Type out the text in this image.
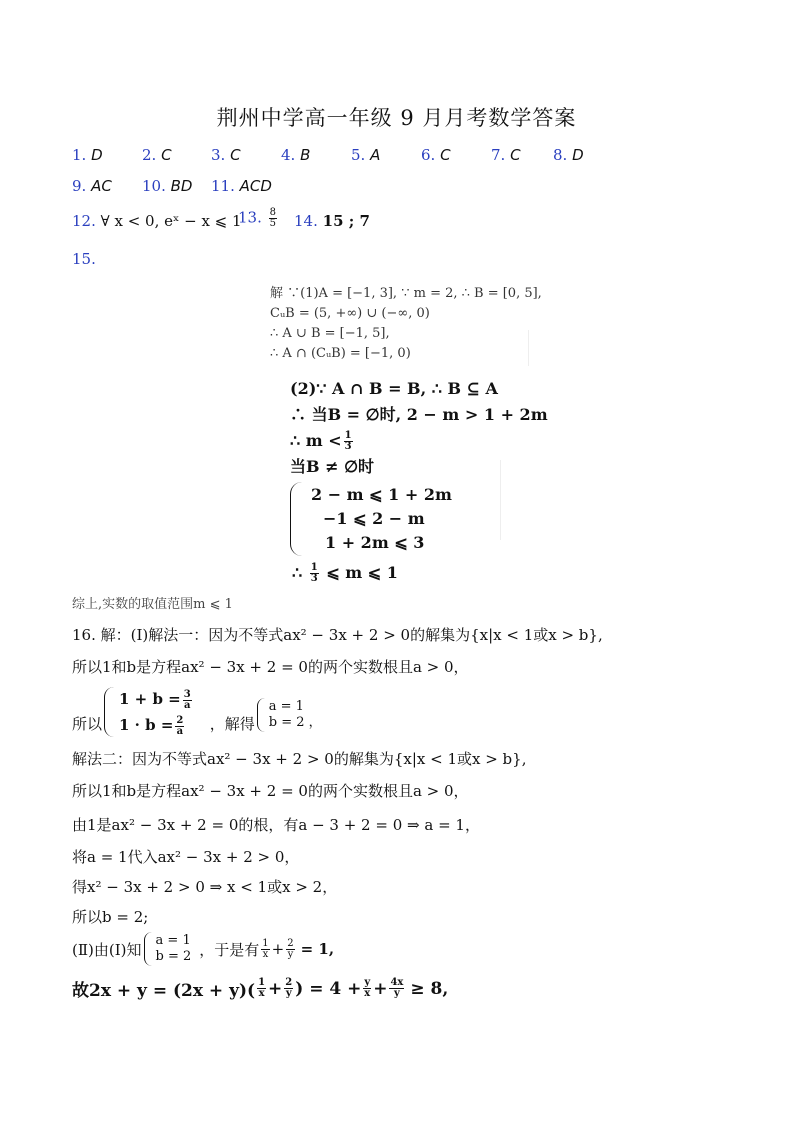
荆州中学高一年级 9 月月考数学答案
1. D	2. C	3. C	4. B	5. A	6. C	7. C 8. D
9. AC 10. BD 11. ACD
12. ∀ x < 0, eˣ − x ⩽ 1
13. $\frac{8}{5} 14$. 15 ; 7
15.
解 ∵(1)A = [−1, 3], ∵ m = 2, ∴ B = [0, 5],
CᵤB = (5, +∞) ∪ (−∞, 0)
∴ A ∪ B = [−1, 5],
∴ A ∩ (CᵤB) = [−1, 0)
(2)∵ A ∩ B = B, ∴ B ⊆ A
∴ 当B = ∅时, 2 − m > 1 + 2m
∴ $m < \frac{1}{3}$
当B ≠ ∅时
2 − m ⩽ 1 + 2m
−1 ⩽ 2 − m
1 + 2m ⩽ 3
∴ $\frac{1}{3}$ ⩽ m ⩽ 1
综上,实数的取值范围m ⩽ 1
16. 解：(Ⅰ)解法一：因为不等式ax² − 3x + 2 > 0的解集为{x|x < 1或x > b},
所以1和b是方程ax² − 3x + 2 = 0的两个实数根且a > 0，
所以
$1 + b = \frac{3}{a}$
$1 \cdot b = \frac{2}{a}$ ，解得
a = 1
b = 2 ，
解法二：因为不等式ax² − 3x + 2 > 0的解集为{x|x < 1或x > b},
所以1和b是方程ax² − 3x + 2 = 0的两个实数根且a > 0，
由1是ax² − 3x + 2 = 0的根，有a − 3 + 2 = 0 ⇒ a = 1，
将a = 1代入ax² − 3x + 2 > 0，
得x² − 3x + 2 > 0 ⇒ x < 1或x > 2，
所以b = 2;
(Ⅱ)由(Ⅰ)知 a = 1
b = 2 ，于是有 $\frac{1}{x} + \frac{2}{y} = 1$,
故$2x + y = (2x + y)( \frac{1}{x} + \frac{2}{y}$ ) = $4 + \frac{y}{x} + \frac{4x}{y} \ge 8$,
